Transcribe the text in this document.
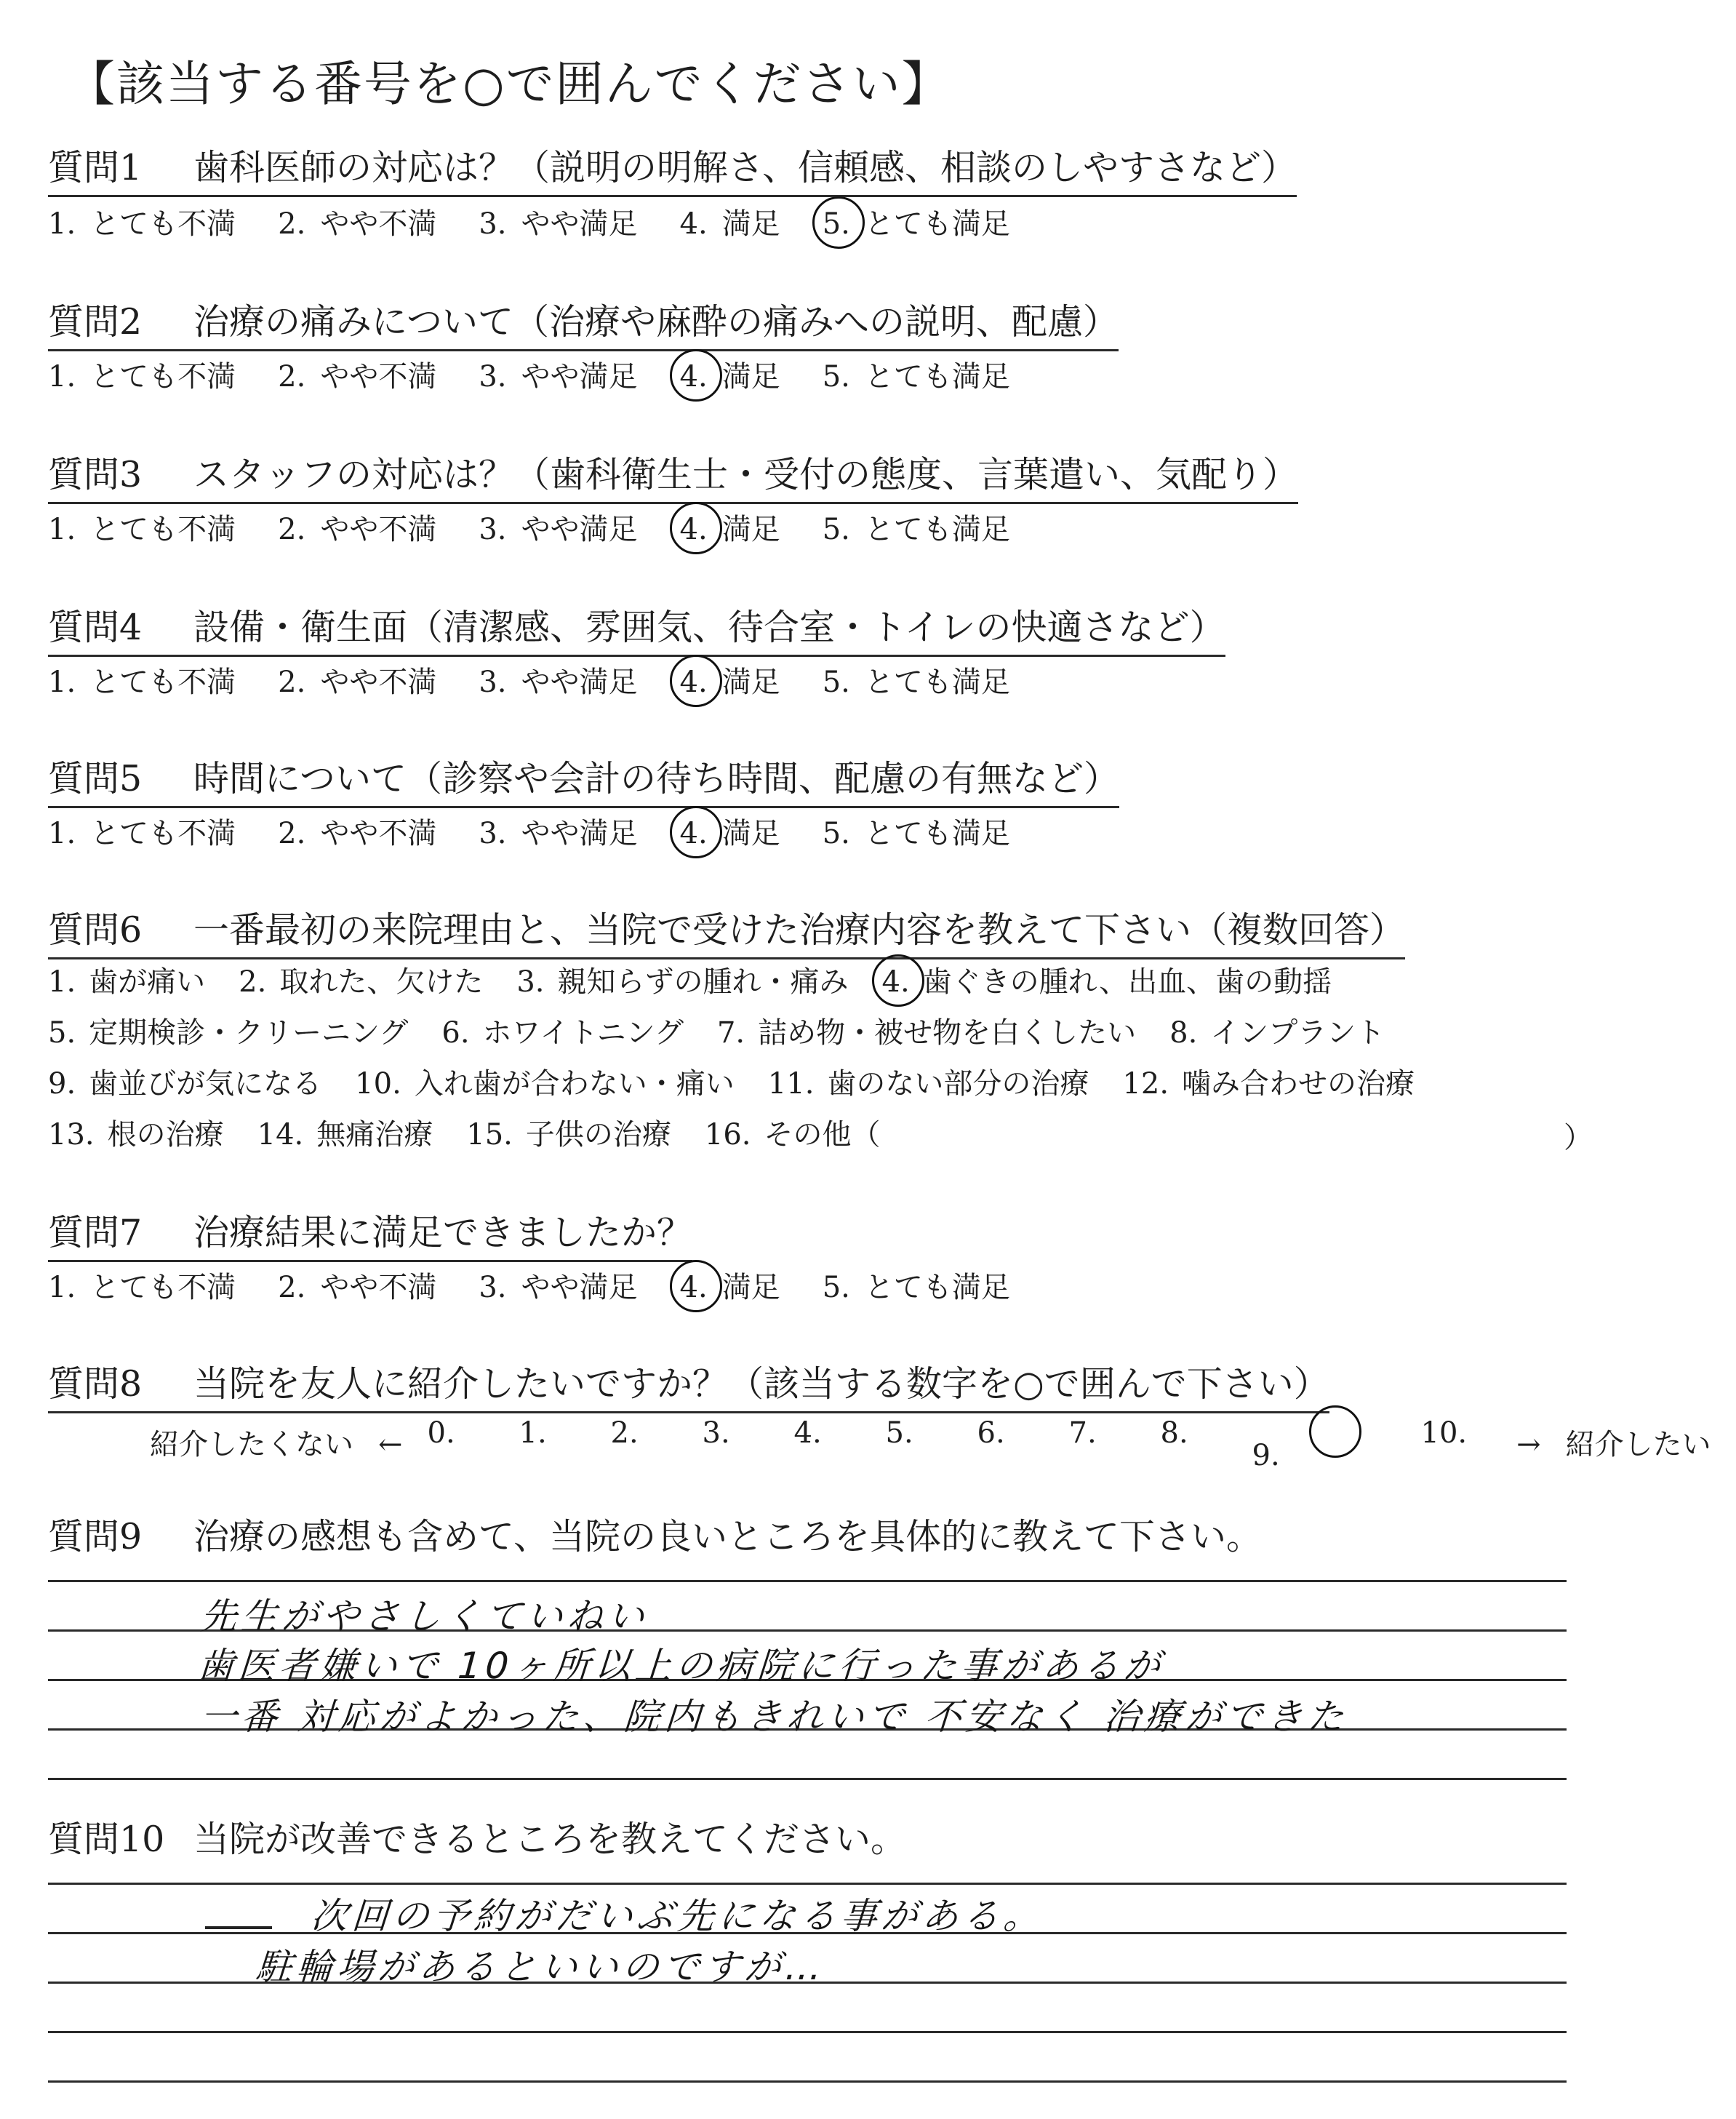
【該当する番号を○で囲んでください】
質問1 歯科医師の対応は？（説明の明解さ、信頼感、相談のしやすさなど）
質問2 治療の痛みについて（治療や麻酔の痛みへの説明、配慮）
質問3 スタッフの対応は？（歯科衛生士・受付の態度、言葉遣い、気配り）
質問4 設備・衛生面（清潔感、雰囲気、待合室・トイレの快適さなど）
質問5 時間について（診察や会計の待ち時間、配慮の有無など）
質問6 一番最初の来院理由と、当院で受けた治療内容を教えて下さい（複数回答）
質問7 治療結果に満足できましたか？
質問8 当院を友人に紹介したいですか？（該当する数字を○で囲んで下さい）
質問9 治療の感想も含めて、当院の良いところを具体的に教えて下さい。
質問10 当院が改善できるところを教えてください。
1. とても不満 2. やや不満 3. やや満足 4. 満足 5. とても満足
1. とても不満 2. やや不満 3. やや満足 4. 満足 5. とても満足
1. とても不満 2. やや不満 3. やや満足 4. 満足 5. とても満足
1. とても不満 2. やや不満 3. やや満足 4. 満足 5. とても満足
1. とても不満 2. やや不満 3. やや満足 4. 満足 5. とても満足
1. とても不満 2. やや不満 3. やや満足 4. 満足 5. とても満足
1. 歯が痛い 2. 取れた、欠けた 3. 親知らずの腫れ・痛み 4. 歯ぐきの腫れ、出血、歯の動揺
5. 定期検診・クリーニング 6. ホワイトニング 7. 詰め物・被せ物を白くしたい 8. インプラント
9. 歯並びが気になる 10. 入れ歯が合わない・痛い 11. 歯のない部分の治療 12. 噛み合わせの治療
13. 根の治療 14. 無痛治療 15. 子供の治療 16. その他（	）
紹介したくない ← 0.	1.	2.	3.	4.	5.	6.	7.	8.
9.
10.	→ 紹介したい
先生がやさしくていねい
歯医者嫌いで 10ヶ所以上の病院に行った事があるが
一番 対応がよかった、院内もきれいで 不安なく 治療ができた
次回の予約がだいぶ先になる事がある。
駐輪場があるといいのですが…
